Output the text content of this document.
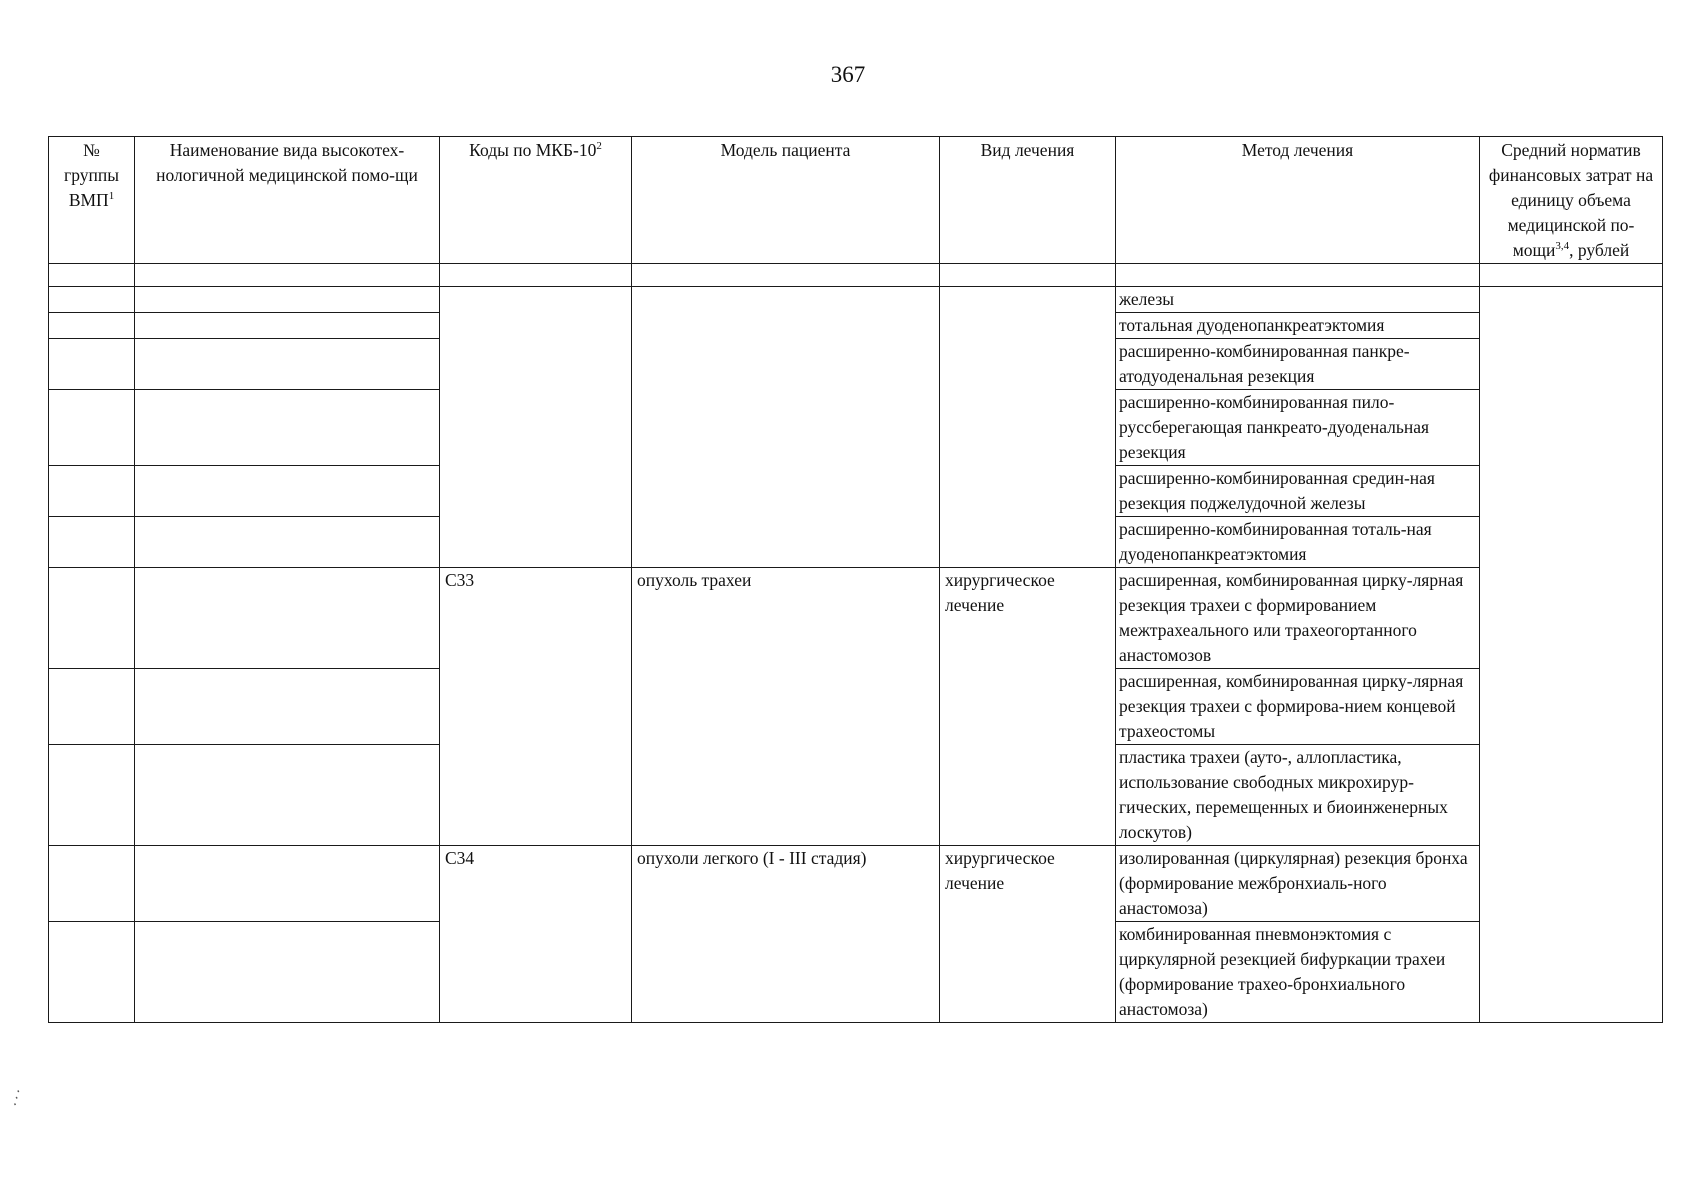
367
№ группы ВМП$^1$	Наименование вида высокотех-нологичной медицинской помо-щи	Коды по МКБ-$10^2$	Модель пациента	Вид лечения	Метод лечения	Средний норматив финансовых затрат на единицу объема медицинской по-мощи$^{3,4}$, рублей

					железы	
					тотальная дуоденопанкреатэктомия	
					расширенно-комбинированная панкре-атодуоденальная резекция	
					расширенно-комбинированная пило-руссберегающая панкреато-дуоденальная резекция	
					расширенно-комбинированная средин-ная резекция поджелудочной железы	
					расширенно-комбинированная тоталь-ная дуоденопанкреатэктомия	
		C33	опухоль трахеи	хирургическое лечение	расширенная, комбинированная цирку-лярная резекция трахеи с формированием межтрахеального или трахеогортанного анастомозов	
					расширенная, комбинированная цирку-лярная резекция трахеи с формирова-нием концевой трахеостомы	
					пластика трахеи (ауто-, аллопластика, использование свободных микрохирур-гических, перемещенных и биоинженерных лоскутов)	
		C34	опухоли легкого (I - III стадия)	хирургическое лечение	изолированная (циркулярная) резекция бронха (формирование межбронхиаль-ного анастомоза)	
					комбинированная пневмонэктомия с циркулярной резекцией бифуркации трахеи (формирование трахео-бронхиального анастомоза)	
⋰
